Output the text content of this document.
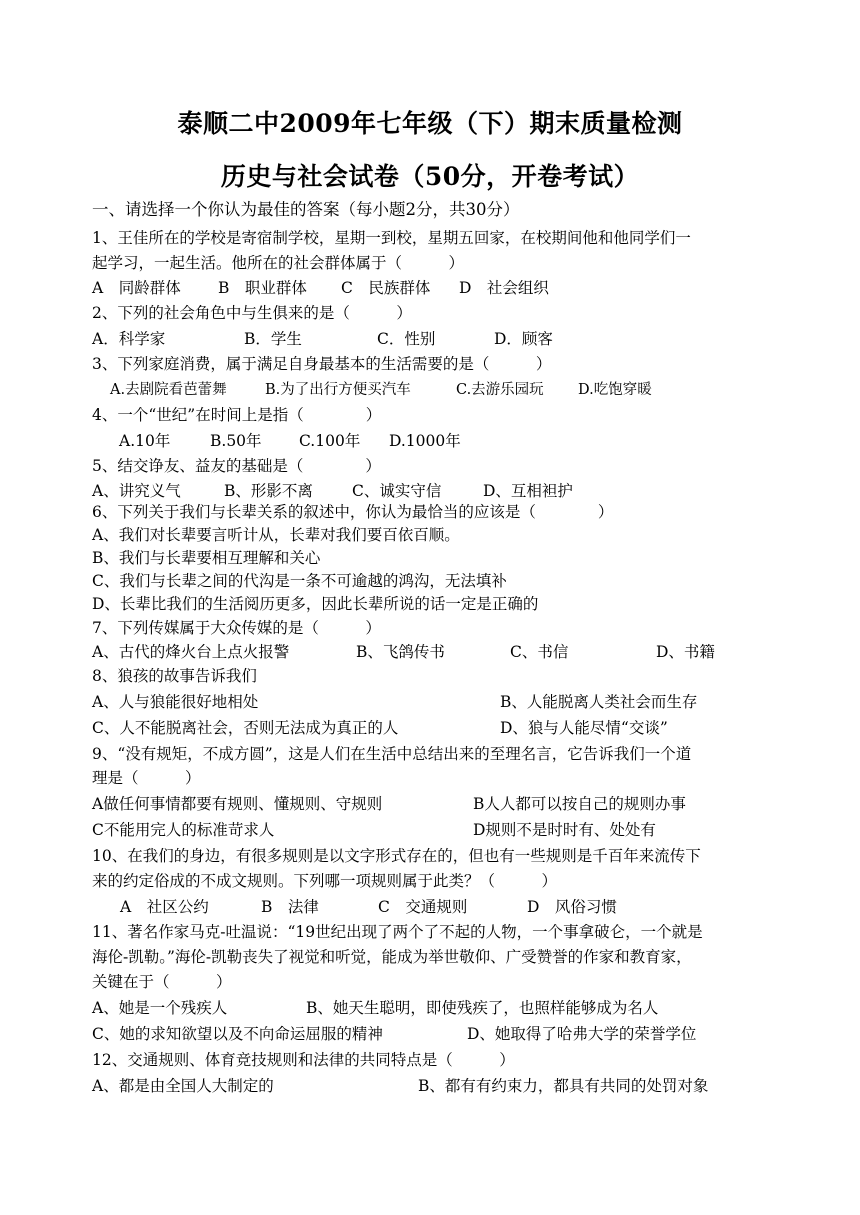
泰顺二中2009年七年级（下）期末质量检测
历史与社会试卷（50分，开卷考试）
一、请选择一个你认为最佳的答案（每小题2分，共30分）
1、王佳所在的学校是寄宿制学校，星期一到校，星期五回家，在校期间他和他同学们一
起学习，一起生活。他所在的社会群体属于（　　　）
A　同龄群体 B　职业群体 C　民族群体 D　社会组织
2、下列的社会角色中与生俱来的是（　　　）
A．科学家	B．学生	C．性别	D．顾客
3、下列家庭消费，属于满足自身最基本的生活需要的是（　　　）
A.去剧院看芭蕾舞	B.为了出行方便买汽车	C.去游乐园玩 D.吃饱穿暖
4、一个“世纪”在时间上是指（　　　　）
A.10年	B.50年 C.100年 D.1000年
5、结交诤友、益友的基础是（　　　　）
A、讲究义气	B、形影不离	C、诚实守信	D、互相袒护
6、下列关于我们与长辈关系的叙述中，你认为最恰当的应该是（　　　　）
A、我们对长辈要言听计从，长辈对我们要百依百顺。
B、我们与长辈要相互理解和关心
C、我们与长辈之间的代沟是一条不可逾越的鸿沟，无法填补
D、长辈比我们的生活阅历更多，因此长辈所说的话一定是正确的
7、下列传媒属于大众传媒的是（　　　）
A、古代的烽火台上点火报警	B、飞鸽传书	C、书信	D、书籍
8、狼孩的故事告诉我们
A、人与狼能很好地相处	B、人能脱离人类社会而生存
C、人不能脱离社会，否则无法成为真正的人	D、狼与人能尽情“交谈”
9、“没有规矩，不成方圆”，这是人们在生活中总结出来的至理名言，它告诉我们一个道
理是（　　　）
A做任何事情都要有规则、懂规则、守规则	B人人都可以按自己的规则办事
C不能用完人的标准苛求人	D规则不是时时有、处处有
10、在我们的身边，有很多规则是以文字形式存在的，但也有一些规则是千百年来流传下
来的约定俗成的不成文规则。下列哪一项规则属于此类？（　　　）
A　社区公约	B　法律	C　交通规则	D　风俗习惯
11、著名作家马克-吐温说：“19世纪出现了两个了不起的人物，一个事拿破仑，一个就是
海伦-凯勒。”海伦-凯勒丧失了视觉和听觉，能成为举世敬仰、广受赞誉的作家和教育家，
关键在于（　　　）
A、她是一个残疾人	B、她天生聪明，即使残疾了，也照样能够成为名人
C、她的求知欲望以及不向命运屈服的精神	D、她取得了哈弗大学的荣誉学位
12、交通规则、体育竞技规则和法律的共同特点是（　　　）
A、都是由全国人大制定的	B、都有有约束力，都具有共同的处罚对象
